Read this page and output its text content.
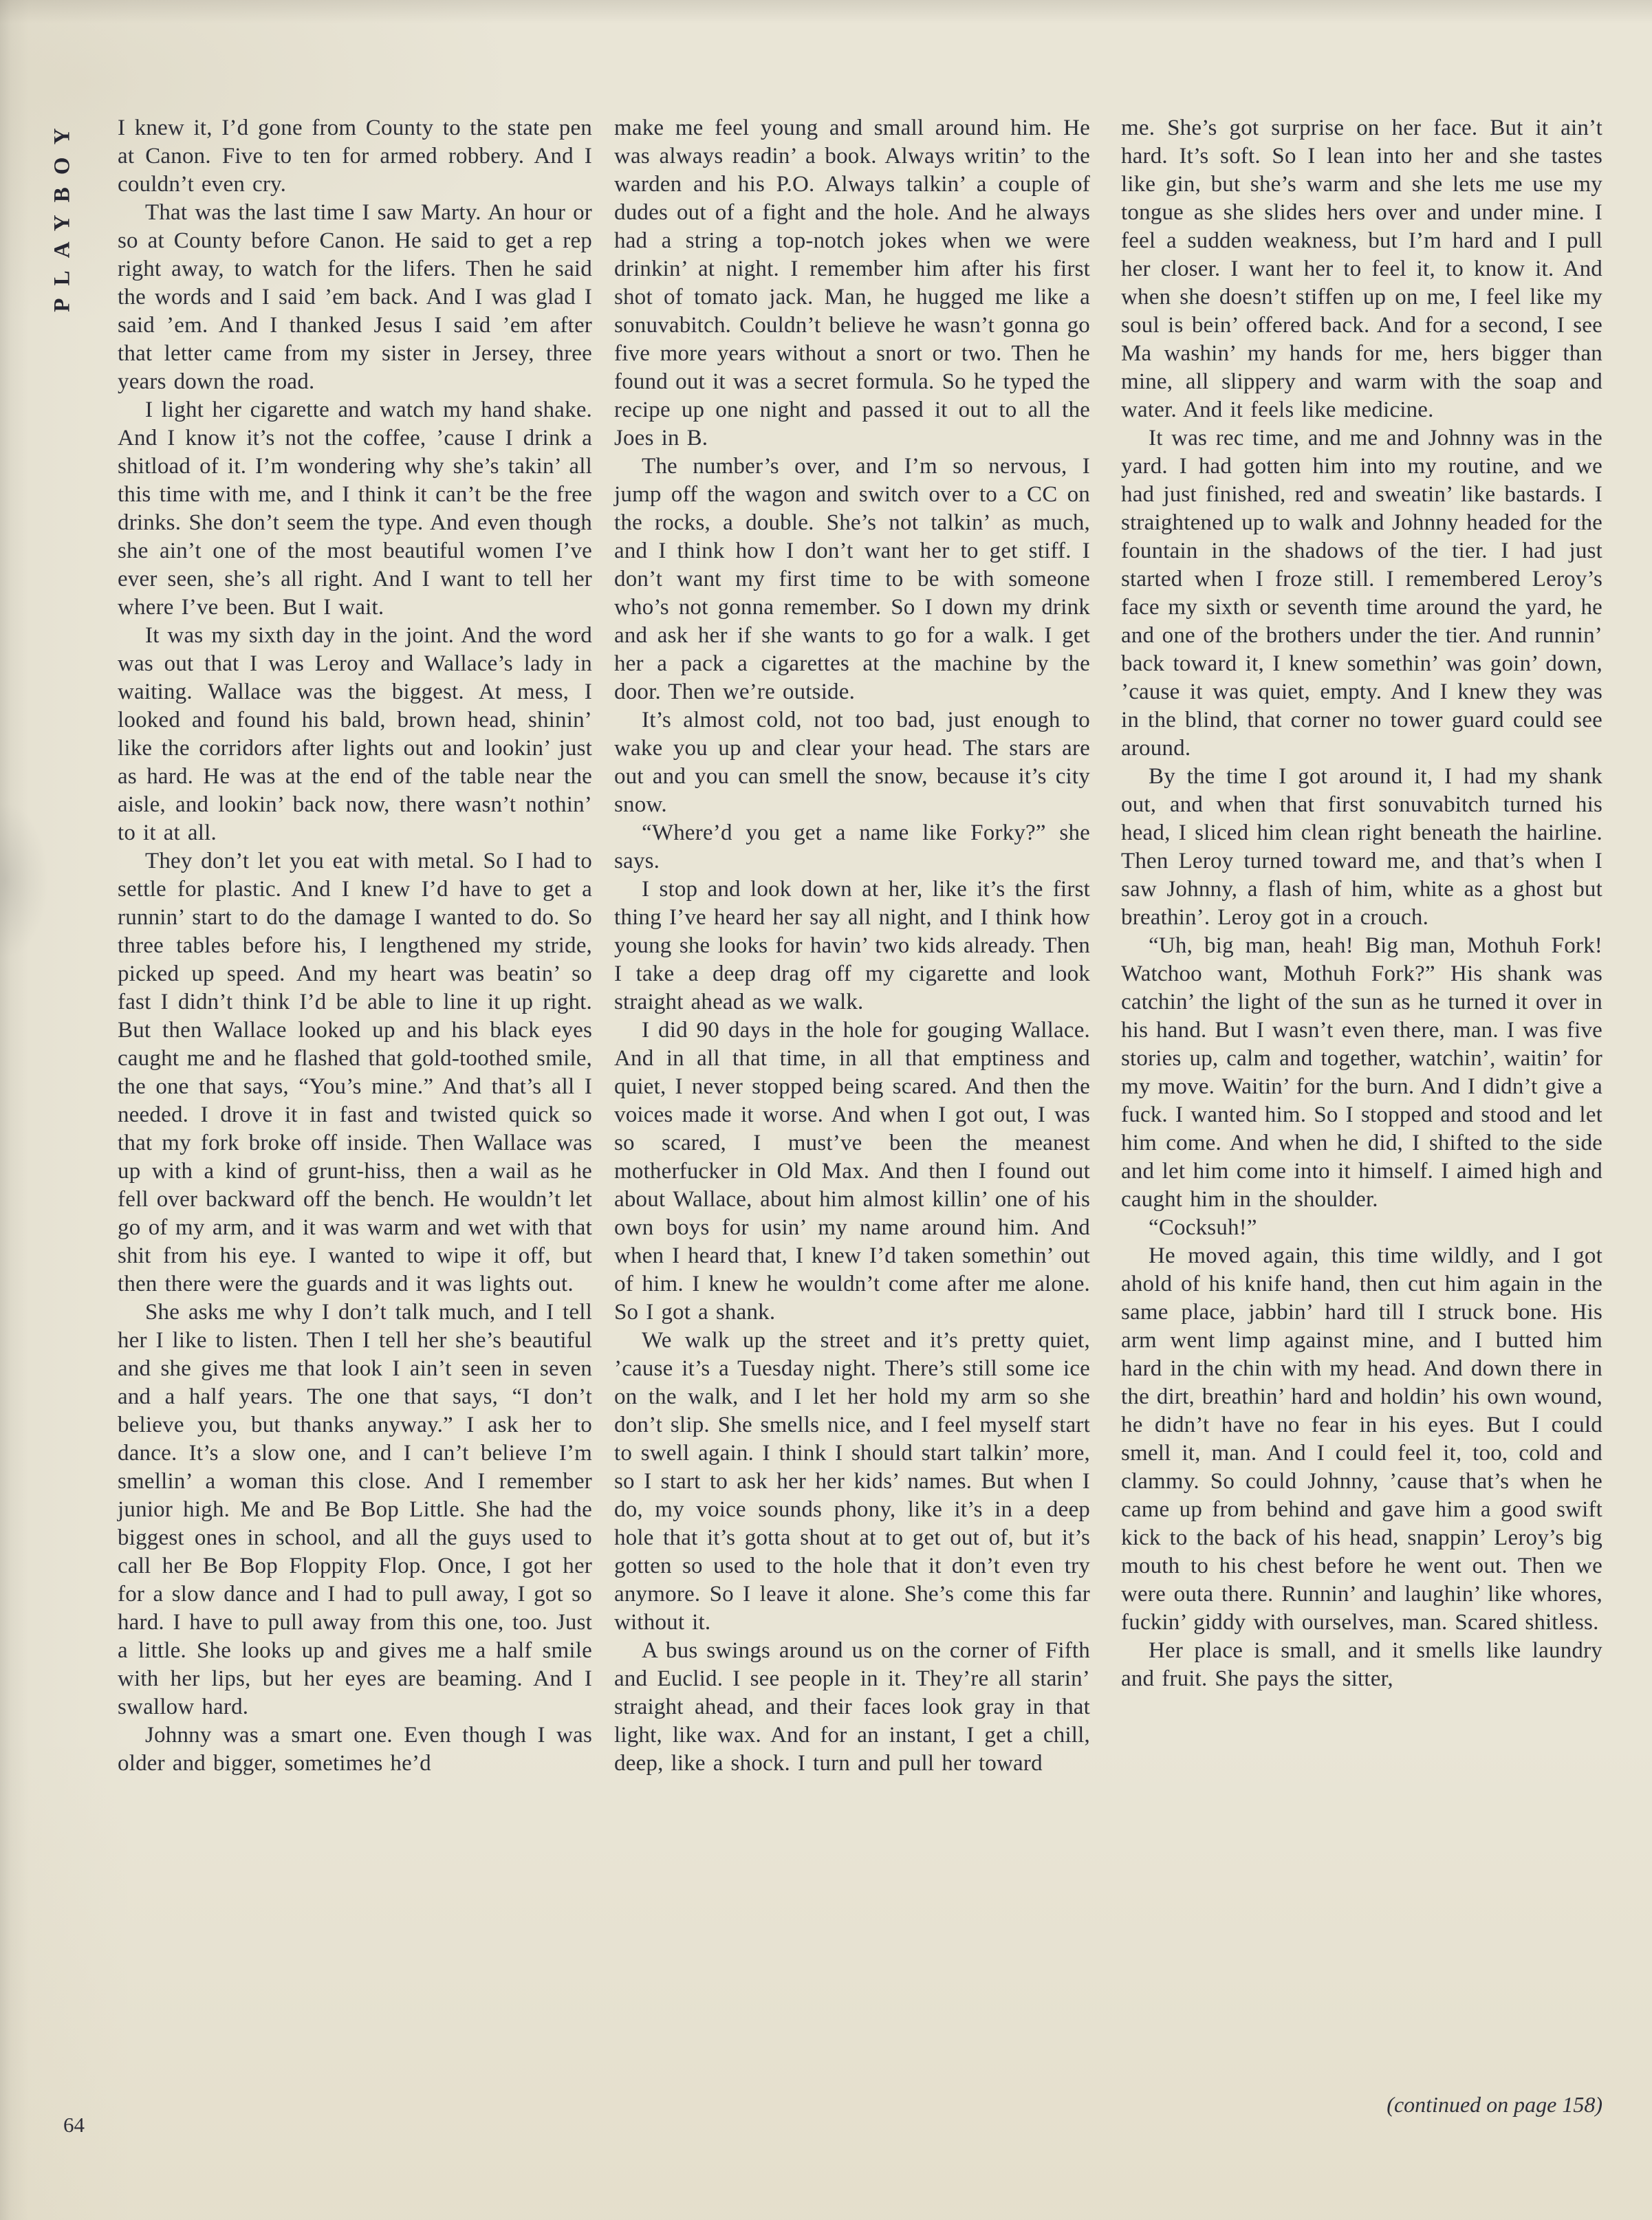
PLAYBOY I knew it, I’d gone from County to the state pen at Canon. Five to ten for armed robbery. And I couldn’t even cry.

That was the last time I saw Marty. An hour or so at County before Canon. He said to get a rep right away, to watch for the lifers. Then he said the words and I said ’em back. And I was glad I said ’em. And I thanked Jesus I said ’em after that letter came from my sister in Jersey, three years down the road.

I light her cigarette and watch my hand shake. And I know it’s not the coffee, ’cause I drink a shitload of it. I’m wondering why she’s takin’ all this time with me, and I think it can’t be the free drinks. She don’t seem the type. And even though she ain’t one of the most beautiful women I’ve ever seen, she’s all right. And I want to tell her where I’ve been. But I wait.

It was my sixth day in the joint. And the word was out that I was Leroy and Wallace’s lady in waiting. Wallace was the biggest. At mess, I looked and found his bald, brown head, shinin’ like the corridors after lights out and lookin’ just as hard. He was at the end of the table near the aisle, and lookin’ back now, there wasn’t nothin’ to it at all.

They don’t let you eat with metal. So I had to settle for plastic. And I knew I’d have to get a runnin’ start to do the damage I wanted to do. So three tables before his, I lengthened my stride, picked up speed. And my heart was beatin’ so fast I didn’t think I’d be able to line it up right. But then Wallace looked up and his black eyes caught me and he flashed that gold-toothed smile, the one that says, “You’s mine.” And that’s all I needed. I drove it in fast and twisted quick so that my fork broke off inside. Then Wallace was up with a kind of grunt-hiss, then a wail as he fell over backward off the bench. He wouldn’t let go of my arm, and it was warm and wet with that shit from his eye. I wanted to wipe it off, but then there were the guards and it was lights out.

She asks me why I don’t talk much, and I tell her I like to listen. Then I tell her she’s beautiful and she gives me that look I ain’t seen in seven and a half years. The one that says, “I don’t believe you, but thanks anyway.” I ask her to dance. It’s a slow one, and I can’t believe I’m smellin’ a woman this close. And I remember junior high. Me and Be Bop Little. She had the biggest ones in school, and all the guys used to call her Be Bop Floppity Flop. Once, I got her for a slow dance and I had to pull away, I got so hard. I have to pull away from this one, too. Just a little. She looks up and gives me a half smile with her lips, but her eyes are beaming. And I swallow hard.

Johnny was a smart one. Even though I was older and bigger, sometimes he’d

make me feel young and small around him. He was always readin’ a book. Always writin’ to the warden and his P.O. Always talkin’ a couple of dudes out of a fight and the hole. And he always had a string a top-notch jokes when we were drinkin’ at night. I remember him after his first shot of tomato jack. Man, he hugged me like a sonuvabitch. Couldn’t believe he wasn’t gonna go five more years without a snort or two. Then he found out it was a secret formula. So he typed the recipe up one night and passed it out to all the Joes in B.

The number’s over, and I’m so nervous, I jump off the wagon and switch over to a CC on the rocks, a double. She’s not talkin’ as much, and I think how I don’t want her to get stiff. I don’t want my first time to be with someone who’s not gonna remember. So I down my drink and ask her if she wants to go for a walk. I get her a pack a cigarettes at the machine by the door. Then we’re outside.

It’s almost cold, not too bad, just enough to wake you up and clear your head. The stars are out and you can smell the snow, because it’s city snow.

“Where’d you get a name like Forky?” she says.

I stop and look down at her, like it’s the first thing I’ve heard her say all night, and I think how young she looks for havin’ two kids already. Then I take a deep drag off my cigarette and look straight ahead as we walk.

I did 90 days in the hole for gouging Wallace. And in all that time, in all that emptiness and quiet, I never stopped being scared. And then the voices made it worse. And when I got out, I was so scared, I must’ve been the meanest motherfucker in Old Max. And then I found out about Wallace, about him almost killin’ one of his own boys for usin’ my name around him. And when I heard that, I knew I’d taken somethin’ out of him. I knew he wouldn’t come after me alone. So I got a shank.

We walk up the street and it’s pretty quiet, ’cause it’s a Tuesday night. There’s still some ice on the walk, and I let her hold my arm so she don’t slip. She smells nice, and I feel myself start to swell again. I think I should start talkin’ more, so I start to ask her her kids’ names. But when I do, my voice sounds phony, like it’s in a deep hole that it’s gotta shout at to get out of, but it’s gotten so used to the hole that it don’t even try anymore. So I leave it alone. She’s come this far without it.

A bus swings around us on the corner of Fifth and Euclid. I see people in it. They’re all starin’ straight ahead, and their faces look gray in that light, like wax. And for an instant, I get a chill, deep, like a shock. I turn and pull her toward

me. She’s got surprise on her face. But it ain’t hard. It’s soft. So I lean into her and she tastes like gin, but she’s warm and she lets me use my tongue as she slides hers over and under mine. I feel a sudden weakness, but I’m hard and I pull her closer. I want her to feel it, to know it. And when she doesn’t stiffen up on me, I feel like my soul is bein’ offered back. And for a second, I see Ma washin’ my hands for me, hers bigger than mine, all slippery and warm with the soap and water. And it feels like medicine.

It was rec time, and me and Johnny was in the yard. I had gotten him into my routine, and we had just finished, red and sweatin’ like bastards. I straightened up to walk and Johnny headed for the fountain in the shadows of the tier. I had just started when I froze still. I remembered Leroy’s face my sixth or seventh time around the yard, he and one of the brothers under the tier. And runnin’ back toward it, I knew somethin’ was goin’ down, ’cause it was quiet, empty. And I knew they was in the blind, that corner no tower guard could see around.

By the time I got around it, I had my shank out, and when that first sonuvabitch turned his head, I sliced him clean right beneath the hairline. Then Leroy turned toward me, and that’s when I saw Johnny, a flash of him, white as a ghost but breathin’. Leroy got in a crouch.

“Uh, big man, heah! Big man, Mothuh Fork! Watchoo want, Mothuh Fork?” His shank was catchin’ the light of the sun as he turned it over in his hand. But I wasn’t even there, man. I was five stories up, calm and together, watchin’, waitin’ for my move. Waitin’ for the burn. And I didn’t give a fuck. I wanted him. So I stopped and stood and let him come. And when he did, I shifted to the side and let him come into it himself. I aimed high and caught him in the shoulder.

“Cocksuh!”

He moved again, this time wildly, and I got ahold of his knife hand, then cut him again in the same place, jabbin’ hard till I struck bone. His arm went limp against mine, and I butted him hard in the chin with my head. And down there in the dirt, breathin’ hard and holdin’ his own wound, he didn’t have no fear in his eyes. But I could smell it, man. And I could feel it, too, cold and clammy. So could Johnny, ’cause that’s when he came up from behind and gave him a good swift kick to the back of his head, snappin’ Leroy’s big mouth to his chest before he went out. Then we were outa there. Runnin’ and laughin’ like whores, fuckin’ giddy with ourselves, man. Scared shitless.

Her place is small, and it smells like laundry and fruit. She pays the sitter,

(continued on page 158)
64
